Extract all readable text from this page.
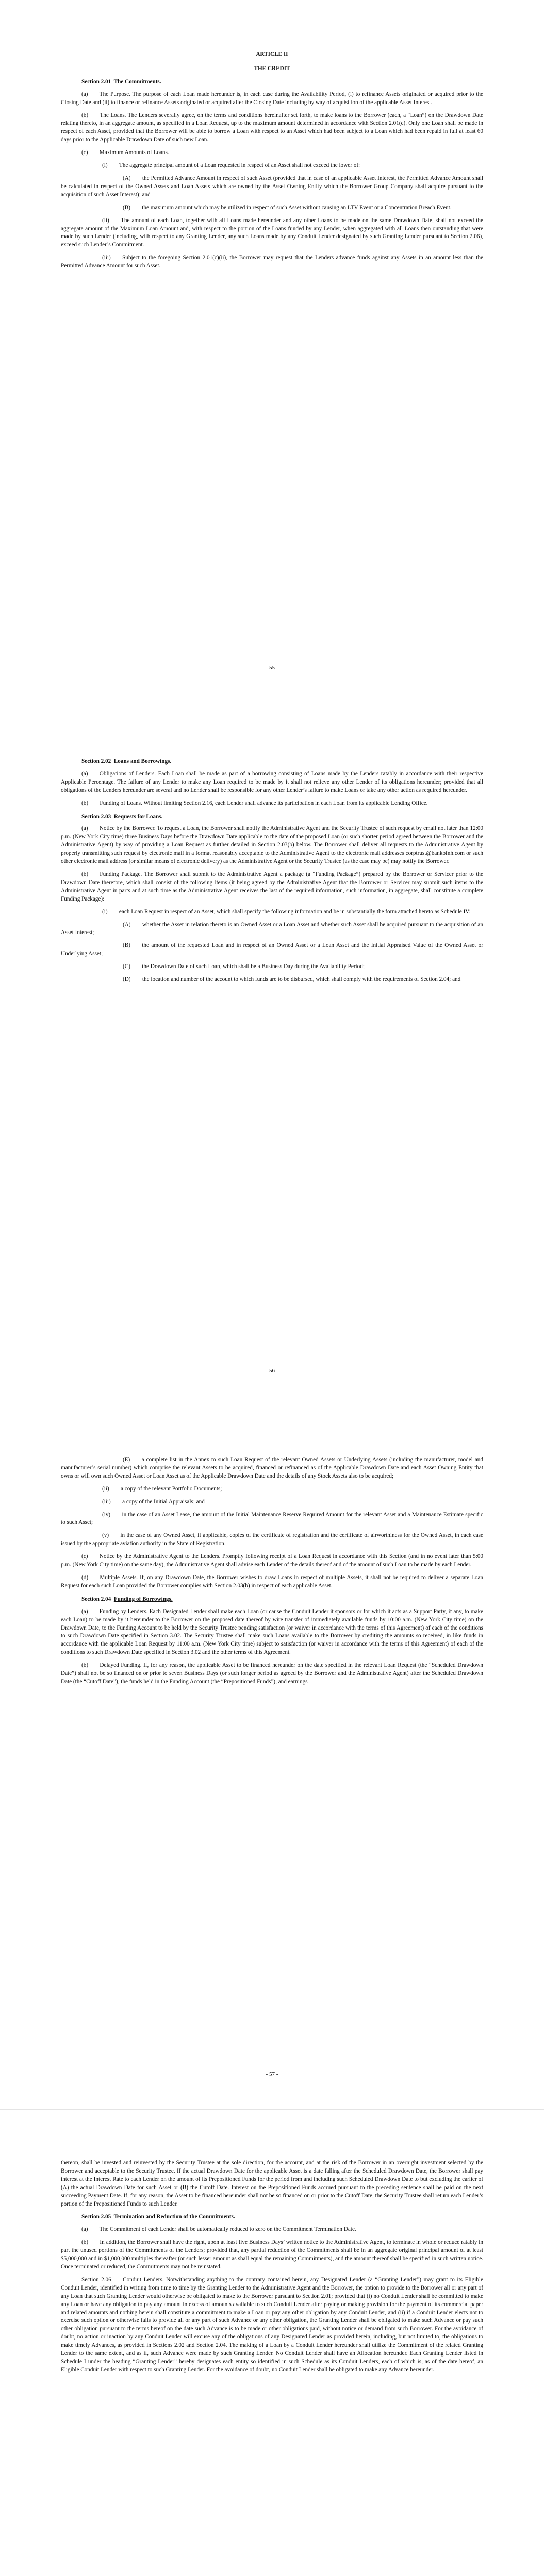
ARTICLE II
THE CREDIT
Section 2.01 The Commitments.

(a)  The Purpose. The purpose of each Loan made hereunder is, in each case during the Availability Period, (i) to refinance Assets originated or acquired prior to the Closing Date and (ii) to finance or refinance Assets originated or acquired after the Closing Date including by way of acquisition of the applicable Asset Interest.

(b)  The Loans. The Lenders severally agree, on the terms and conditions hereinafter set forth, to make loans to the Borrower (each, a “Loan”) on the Drawdown Date relating thereto, in an aggregate amount, as specified in a Loan Request, up to the maximum amount determined in accordance with Section 2.01(c). Only one Loan shall be made in respect of each Asset, provided that the Borrower will be able to borrow a Loan with respect to an Asset which had been subject to a Loan which had been repaid in full at least 60 days prior to the Applicable Drawdown Date of such new Loan.

(c)  Maximum Amounts of Loans.

(i)  The aggregate principal amount of a Loan requested in respect of an Asset shall not exceed the lower of:

(A)  the Permitted Advance Amount in respect of such Asset (provided that in case of an applicable Asset Interest, the Permitted Advance Amount shall be calculated in respect of the Owned Assets and Loan Assets which are owned by the Asset Owning Entity which the Borrower Group Company shall acquire pursuant to the acquisition of such Asset Interest); and

(B)  the maximum amount which may be utilized in respect of such Asset without causing an LTV Event or a Concentration Breach Event.

(ii)  The amount of each Loan, together with all Loans made hereunder and any other Loans to be made on the same Drawdown Date, shall not exceed the aggregate amount of the Maximum Loan Amount and, with respect to the portion of the Loans funded by any Lender, when aggregated with all Loans then outstanding that were made by such Lender (including, with respect to any Granting Lender, any such Loans made by any Conduit Lender designated by such Granting Lender pursuant to Section 2.06), exceed such Lender’s Commitment.

(iii)  Subject to the foregoing Section 2.01(c)(ii), the Borrower may request that the Lenders advance funds against any Assets in an amount less than the Permitted Advance Amount for such Asset.

- 55 -
Section 2.02 Loans and Borrowings.

(a)  Obligations of Lenders. Each Loan shall be made as part of a borrowing consisting of Loans made by the Lenders ratably in accordance with their respective Applicable Percentage. The failure of any Lender to make any Loan required to be made by it shall not relieve any other Lender of its obligations hereunder; provided that all obligations of the Lenders hereunder are several and no Lender shall be responsible for any other Lender’s failure to make Loans or take any other action as required hereunder.

(b)  Funding of Loans. Without limiting Section 2.16, each Lender shall advance its participation in each Loan from its applicable Lending Office.

Section 2.03 Requests for Loans.

(a)  Notice by the Borrower. To request a Loan, the Borrower shall notify the Administrative Agent and the Security Trustee of such request by email not later than 12:00 p.m. (New York City time) three Business Days before the Drawdown Date applicable to the date of the proposed Loan (or such shorter period agreed between the Borrower and the Administrative Agent) by way of providing a Loan Request as further detailed in Section 2.03(b) below. The Borrower shall deliver all requests to the Administrative Agent by properly transmitting such request by electronic mail in a format reasonably acceptable to the Administrative Agent to the electronic mail addresses corptrust@bankofnh.com or such other electronic mail address (or similar means of electronic delivery) as the Administrative Agent or the Security Trustee (as the case may be) may notify the Borrower.

(b)  Funding Package. The Borrower shall submit to the Administrative Agent a package (a “Funding Package”) prepared by the Borrower or Servicer prior to the Drawdown Date therefore, which shall consist of the following items (it being agreed by the Administrative Agent that the Borrower or Servicer may submit such items to the Administrative Agent in parts and at such time as the Administrative Agent receives the last of the required information, such information, in aggregate, shall constitute a complete Funding Package):

(i)  each Loan Request in respect of an Asset, which shall specify the following information and be in substantially the form attached hereto as Schedule IV:

(A)  whether the Asset in relation thereto is an Owned Asset or a Loan Asset and whether such Asset shall be acquired pursuant to the acquisition of an Asset Interest;

(B)  the amount of the requested Loan and in respect of an Owned Asset or a Loan Asset and the Initial Appraised Value of the Owned Asset or Underlying Asset;

(C)  the Drawdown Date of such Loan, which shall be a Business Day during the Availability Period;

(D)  the location and number of the account to which funds are to be disbursed, which shall comply with the requirements of Section 2.04; and

- 56 -

(E)  a complete list in the Annex to such Loan Request of the relevant Owned Assets or Underlying Assets (including the manufacturer, model and manufacturer’s serial number) which comprise the relevant Assets to be acquired, financed or refinanced as of the Applicable Drawdown Date and each Asset Owning Entity that owns or will own such Owned Asset or Loan Asset as of the Applicable Drawdown Date and the details of any Stock Assets also to be acquired;

(ii)  a copy of the relevant Portfolio Documents;

(iii)  a copy of the Initial Appraisals; and

(iv)  in the case of an Asset Lease, the amount of the Initial Maintenance Reserve Required Amount for the relevant Asset and a Maintenance Estimate specific to such Asset;

(v)  in the case of any Owned Asset, if applicable, copies of the certificate of registration and the certificate of airworthiness for the Owned Asset, in each case issued by the appropriate aviation authority in the State of Registration.

(c)  Notice by the Administrative Agent to the Lenders. Promptly following receipt of a Loan Request in accordance with this Section (and in no event later than 5:00 p.m. (New York City time) on the same day), the Administrative Agent shall advise each Lender of the details thereof and of the amount of such Loan to be made by each Lender.

(d)  Multiple Assets. If, on any Drawdown Date, the Borrower wishes to draw Loans in respect of multiple Assets, it shall not be required to deliver a separate Loan Request for each such Loan provided the Borrower complies with Section 2.03(b) in respect of each applicable Asset.

Section 2.04 Funding of Borrowings.

(a)  Funding by Lenders. Each Designated Lender shall make each Loan (or cause the Conduit Lender it sponsors or for which it acts as a Support Party, if any, to make each Loan) to be made by it hereunder to the Borrower on the proposed date thereof by wire transfer of immediately available funds by 10:00 a.m. (New York City time) on the Drawdown Date, to the Funding Account to be held by the Security Trustee pending satisfaction (or waiver in accordance with the terms of this Agreement) of each of the conditions to such Drawdown Date specified in Section 3.02. The Security Trustee shall make such Loans available to the Borrower by crediting the amounts so received, in like funds in accordance with the applicable Loan Request by 11:00 a.m. (New York City time) subject to satisfaction (or waiver in accordance with the terms of this Agreement) of each of the conditions to such Drawdown Date specified in Section 3.02 and the other terms of this Agreement.

(b)  Delayed Funding. If, for any reason, the applicable Asset to be financed hereunder on the date specified in the relevant Loan Request (the “Scheduled Drawdown Date”) shall not be so financed on or prior to seven Business Days (or such longer period as agreed by the Borrower and the Administrative Agent) after the Scheduled Drawdown Date (the “Cutoff Date”), the funds held in the Funding Account (the “Prepositioned Funds”), and earnings

- 57 -

thereon, shall be invested and reinvested by the Security Trustee at the sole direction, for the account, and at the risk of the Borrower in an overnight investment selected by the Borrower and acceptable to the Security Trustee. If the actual Drawdown Date for the applicable Asset is a date falling after the Scheduled Drawdown Date, the Borrower shall pay interest at the Interest Rate to each Lender on the amount of its Prepositioned Funds for the period from and including such Scheduled Drawdown Date to but excluding the earlier of (A) the actual Drawdown Date for such Asset or (B) the Cutoff Date. Interest on the Prepositioned Funds accrued pursuant to the preceding sentence shall be paid on the next succeeding Payment Date. If, for any reason, the Asset to be financed hereunder shall not be so financed on or prior to the Cutoff Date, the Security Trustee shall return each Lender’s portion of the Prepositioned Funds to such Lender.

Section 2.05 Termination and Reduction of the Commitments.

(a)  The Commitment of each Lender shall be automatically reduced to zero on the Commitment Termination Date.

(b)  In addition, the Borrower shall have the right, upon at least five Business Days’ written notice to the Administrative Agent, to terminate in whole or reduce ratably in part the unused portions of the Commitments of the Lenders; provided that, any partial reduction of the Commitments shall be in an aggregate original principal amount of at least $5,000,000 and in $1,000,000 multiples thereafter (or such lesser amount as shall equal the remaining Commitments), and the amount thereof shall be specified in such written notice. Once terminated or reduced, the Commitments may not be reinstated.

Section 2.06  Conduit Lenders. Notwithstanding anything to the contrary contained herein, any Designated Lender (a “Granting Lender”) may grant to its Eligible Conduit Lender, identified in writing from time to time by the Granting Lender to the Administrative Agent and the Borrower, the option to provide to the Borrower all or any part of any Loan that such Granting Lender would otherwise be obligated to make to the Borrower pursuant to Section 2.01; provided that (i) no Conduit Lender shall be committed to make any Loan or have any obligation to pay any amount in excess of amounts available to such Conduit Lender after paying or making provision for the payment of its commercial paper and related amounts and nothing herein shall constitute a commitment to make a Loan or pay any other obligation by any Conduit Lender, and (ii) if a Conduit Lender elects not to exercise such option or otherwise fails to provide all or any part of such Advance or any other obligation, the Granting Lender shall be obligated to make such Advance or pay such other obligation pursuant to the terms hereof on the date such Advance is to be made or other obligations paid, without notice or demand from such Borrower. For the avoidance of doubt, no action or inaction by any Conduit Lender will excuse any of the obligations of any Designated Lender as provided herein, including, but not limited to, the obligations to make timely Advances, as provided in Sections 2.02 and Section 2.04. The making of a Loan by a Conduit Lender hereunder shall utilize the Commitment of the related Granting Lender to the same extent, and as if, such Advance were made by such Granting Lender. No Conduit Lender shall have an Allocation hereunder. Each Granting Lender listed in Schedule I under the heading “Granting Lender” hereby designates each entity so identified in such Schedule as its Conduit Lenders, each of which is, as of the date hereof, an Eligible Conduit Lender with respect to such Granting Lender. For the avoidance of doubt, no Conduit Lender shall be obligated to make any Advance hereunder.
